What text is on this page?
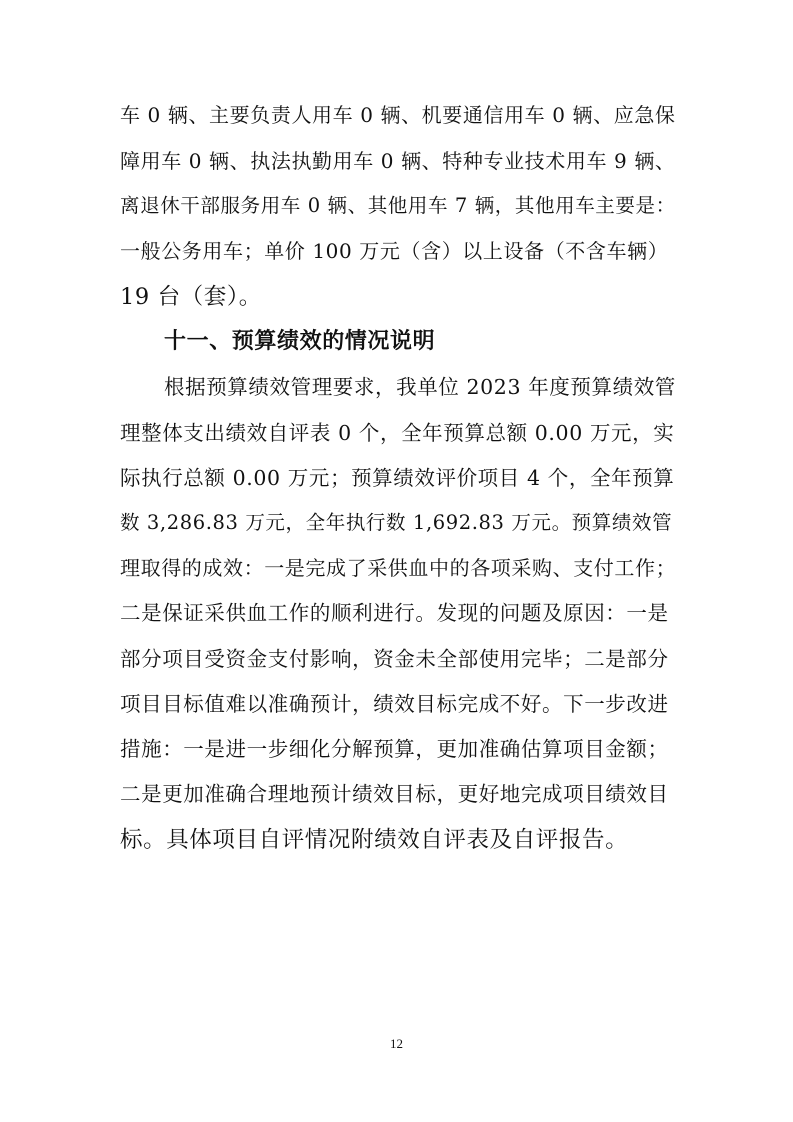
车 0 辆、主要负责人用车 0 辆、机要通信用车 0 辆、应急保
障用车 0 辆、执法执勤用车 0 辆、特种专业技术用车 9 辆、
离退休干部服务用车 0 辆、其他用车 7 辆，其他用车主要是：
一般公务用车；单价 100 万元（含）以上设备（不含车辆）
19 台（套）。
十一、预算绩效的情况说明
根据预算绩效管理要求，我单位 2023 年度预算绩效管
理整体支出绩效自评表 0 个，全年预算总额 0.00 万元，实
际执行总额 0.00 万元；预算绩效评价项目 4 个，全年预算
数 3,286.83 万元，全年执行数 1,692.83 万元。预算绩效管
理取得的成效：一是完成了采供血中的各项采购、支付工作；
二是保证采供血工作的顺利进行。发现的问题及原因：一是
部分项目受资金支付影响，资金未全部使用完毕；二是部分
项目目标值难以准确预计，绩效目标完成不好。下一步改进
措施：一是进一步细化分解预算，更加准确估算项目金额；
二是更加准确合理地预计绩效目标，更好地完成项目绩效目
标。具体项目自评情况附绩效自评表及自评报告。
12
